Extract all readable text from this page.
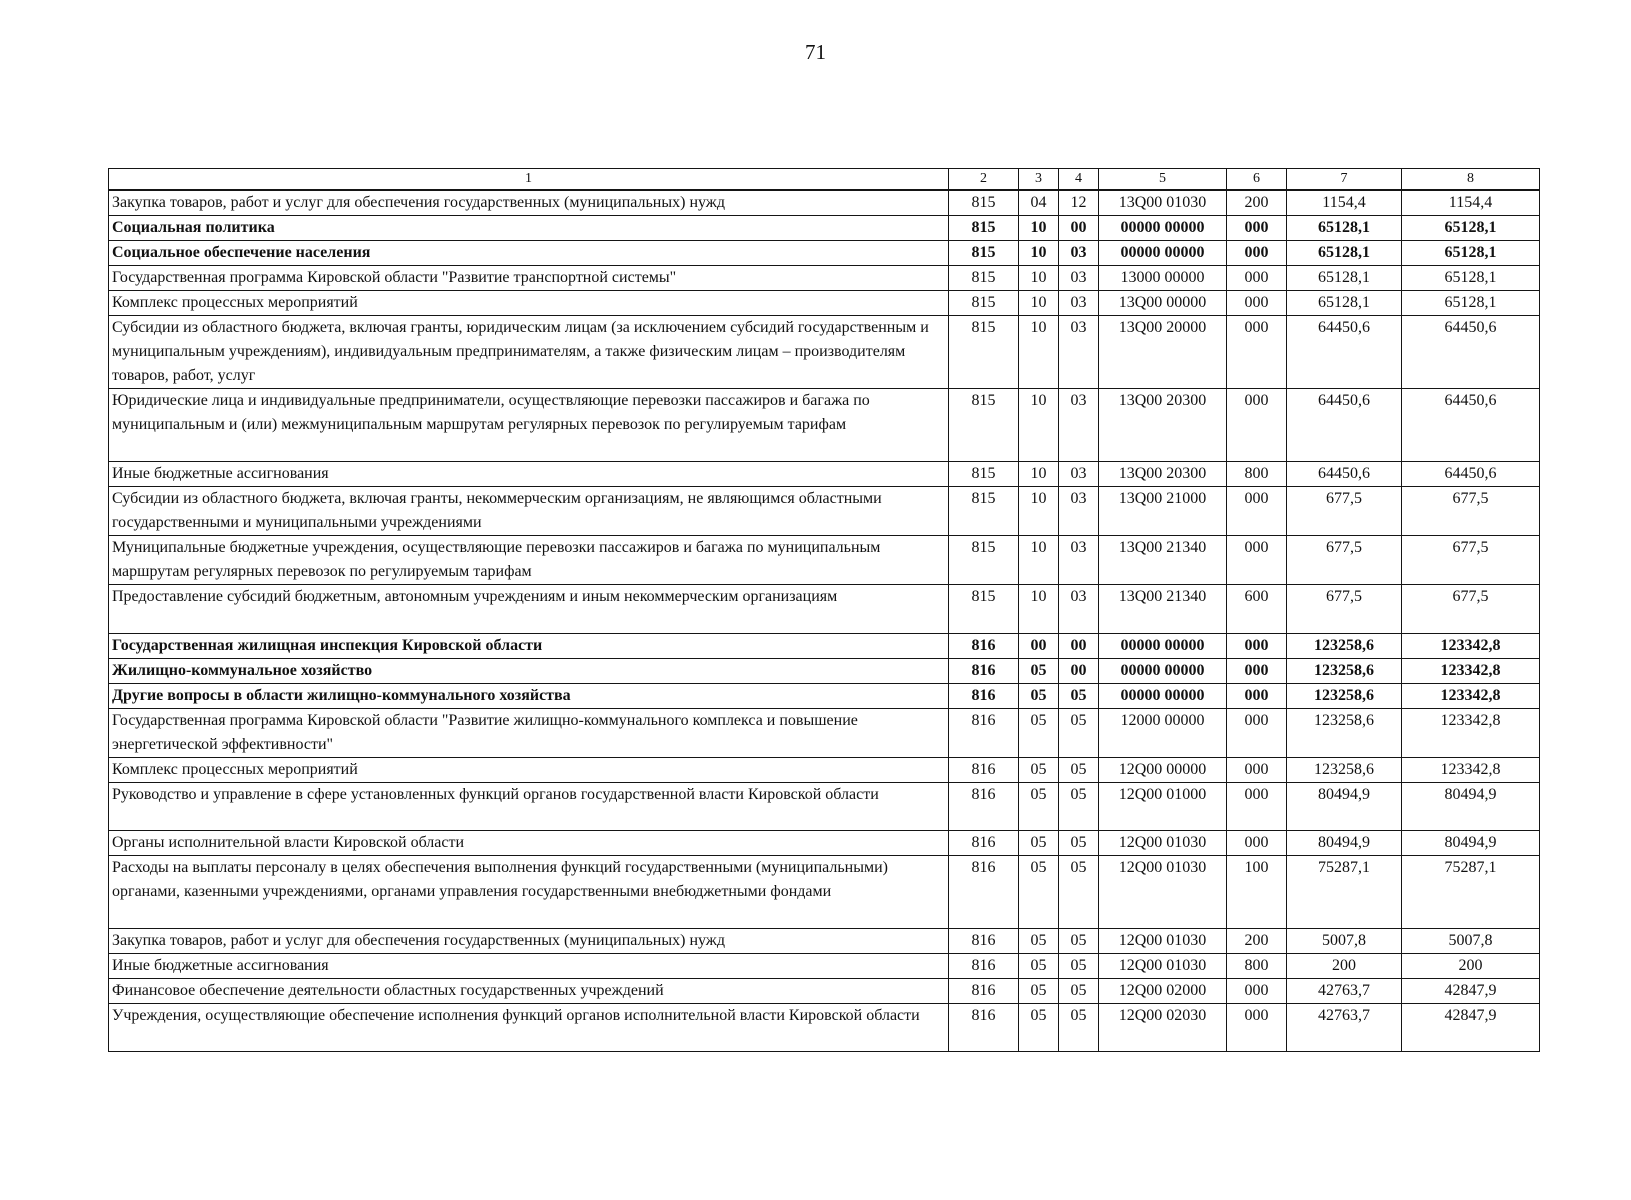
71
1	2	3	4	5	6	7	8
Закупка товаров, работ и услуг для обеспечения государственных (муниципальных) нужд	815	04	12	13Q00 01030	200	1154,4	1154,4
Социальная политика	815	10	00	00000 00000	000	65128,1	65128,1
Социальное обеспечение населения	815	10	03	00000 00000	000	65128,1	65128,1
Государственная программа Кировской области "Развитие транспортной системы"	815	10	03	13000 00000	000	65128,1	65128,1
Комплекс процессных мероприятий	815	10	03	13Q00 00000	000	65128,1	65128,1
Субсидии из областного бюджета, включая гранты, юридическим лицам (за исключением субсидий государственным и муниципальным учреждениям), индивидуальным предпринимателям, а также физическим лицам – производителям товаров, работ, услуг	815	10	03	13Q00 20000	000	64450,6	64450,6
Юридические лица и индивидуальные предприниматели, осуществляющие перевозки пассажиров и багажа по муниципальным и (или) межмуниципальным маршрутам регулярных перевозок по регулируемым тарифам	815	10	03	13Q00 20300	000	64450,6	64450,6
Иные бюджетные ассигнования	815	10	03	13Q00 20300	800	64450,6	64450,6
Субсидии из областного бюджета, включая гранты, некоммерческим организациям, не являющимся областными государственными и муниципальными учреждениями	815	10	03	13Q00 21000	000	677,5	677,5
Муниципальные бюджетные учреждения, осуществляющие перевозки пассажиров и багажа по муниципальным маршрутам регулярных перевозок по регулируемым тарифам	815	10	03	13Q00 21340	000	677,5	677,5
Предоставление субсидий бюджетным, автономным учреждениям и иным некоммерческим организациям	815	10	03	13Q00 21340	600	677,5	677,5
Государственная жилищная инспекция Кировской области	816	00	00	00000 00000	000	123258,6	123342,8
Жилищно-коммунальное хозяйство	816	05	00	00000 00000	000	123258,6	123342,8
Другие вопросы в области жилищно-коммунального хозяйства	816	05	05	00000 00000	000	123258,6	123342,8
Государственная программа Кировской области "Развитие жилищно-коммунального комплекса и повышение энергетической эффективности"	816	05	05	12000 00000	000	123258,6	123342,8
Комплекс процессных мероприятий	816	05	05	12Q00 00000	000	123258,6	123342,8
Руководство и управление в сфере установленных функций органов государственной власти Кировской области	816	05	05	12Q00 01000	000	80494,9	80494,9
Органы исполнительной власти Кировской области	816	05	05	12Q00 01030	000	80494,9	80494,9
Расходы на выплаты персоналу в целях обеспечения выполнения функций государственными (муниципальными) органами, казенными учреждениями, органами управления государственными внебюджетными фондами	816	05	05	12Q00 01030	100	75287,1	75287,1
Закупка товаров, работ и услуг для обеспечения государственных (муниципальных) нужд	816	05	05	12Q00 01030	200	5007,8	5007,8
Иные бюджетные ассигнования	816	05	05	12Q00 01030	800	200	200
Финансовое обеспечение деятельности областных государственных учреждений	816	05	05	12Q00 02000	000	42763,7	42847,9
Учреждения, осуществляющие обеспечение исполнения функций органов исполнительной власти Кировской области	816	05	05	12Q00 02030	000	42763,7	42847,9
